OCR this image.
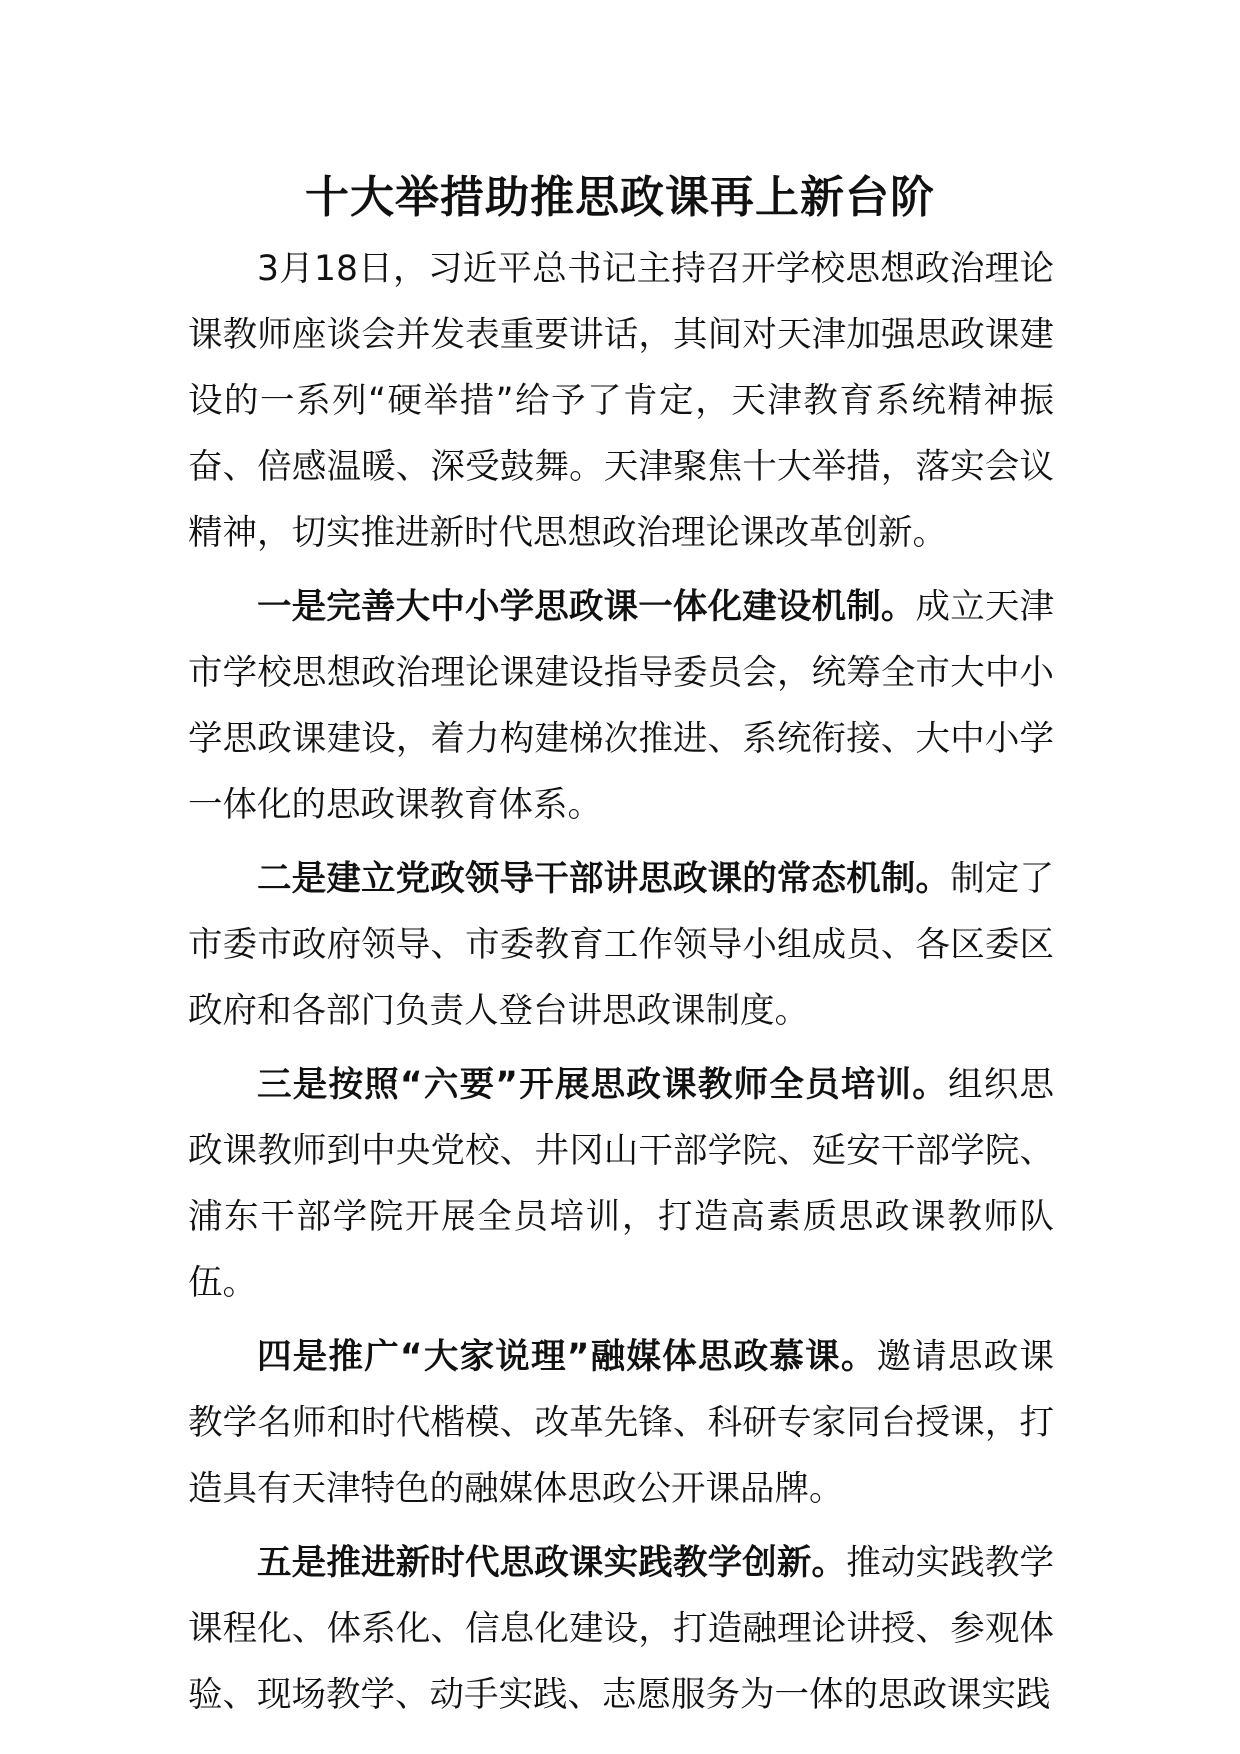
十大举措助推思政课再上新台阶

3月18日，习近平总书记主持召开学校思想政治理论课教师座谈会并发表重要讲话，其间对天津加强思政课建设的一系列“硬举措”给予了肯定，天津教育系统精神振奋、倍感温暖、深受鼓舞。天津聚焦十大举措，落实会议精神，切实推进新时代思想政治理论课改革创新。

一是完善大中小学思政课一体化建设机制。成立天津市学校思想政治理论课建设指导委员会，统筹全市大中小学思政课建设，着力构建梯次推进、系统衔接、大中小学一体化的思政课教育体系。

二是建立党政领导干部讲思政课的常态机制。制定了市委市政府领导、市委教育工作领导小组成员、各区委区政府和各部门负责人登台讲思政课制度。

三是按照“六要”开展思政课教师全员培训。组织思政课教师到中央党校、井冈山干部学院、延安干部学院、浦东干部学院开展全员培训，打造高素质思政课教师队伍。

四是推广“大家说理”融媒体思政慕课。邀请思政课教学名师和时代楷模、改革先锋、科研专家同台授课，打造具有天津特色的融媒体思政公开课品牌。

五是推进新时代思政课实践教学创新。推动实践教学课程化、体系化、信息化建设，打造融理论讲授、参观体验、现场教学、动手实践、志愿服务为一体的思政课实践
